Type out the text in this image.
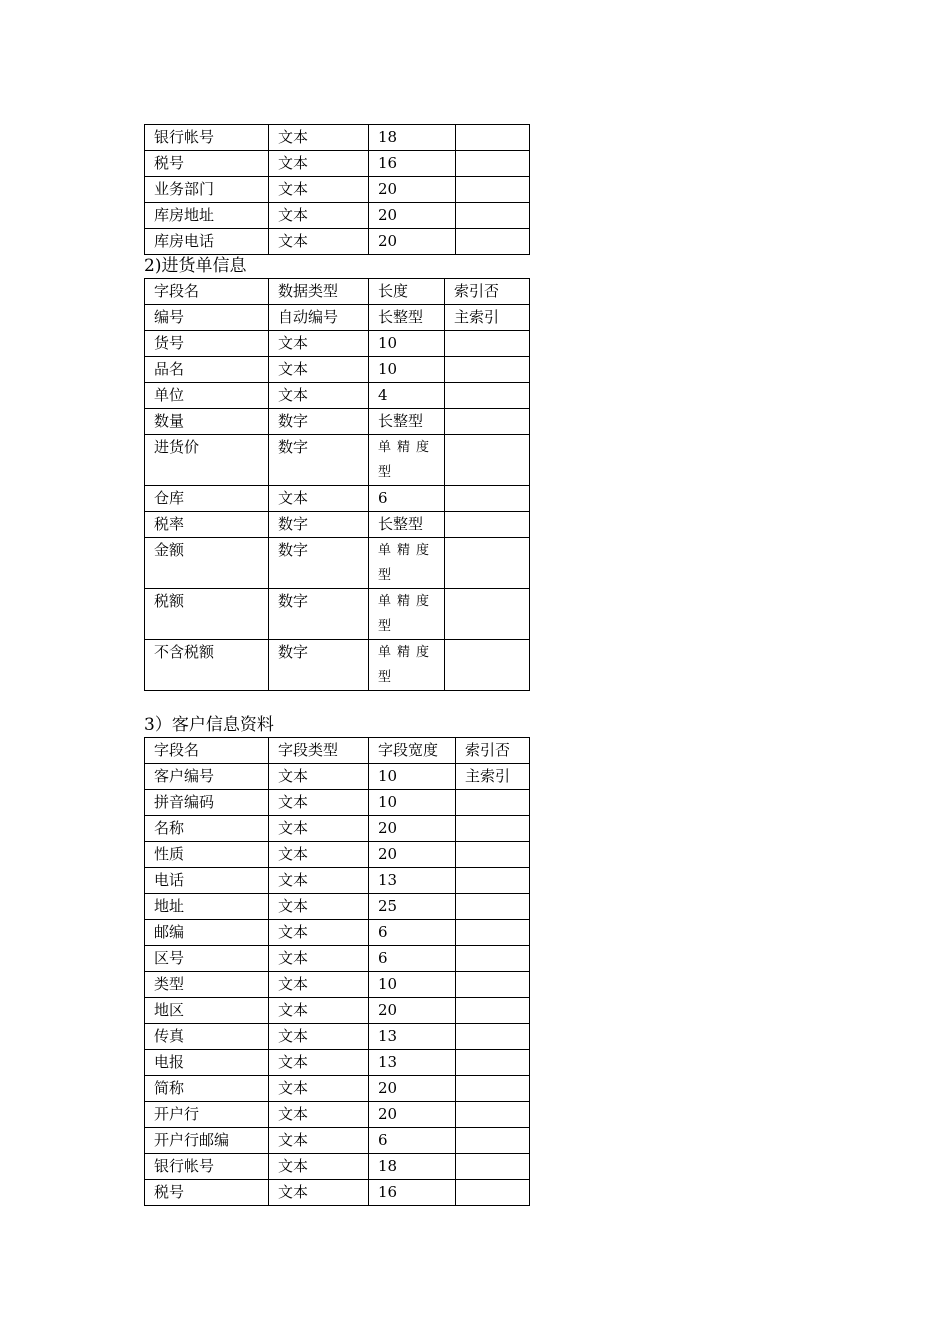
银行帐号	文本	18	
税号	文本	16	
业务部门	文本	20	
库房地址	文本	20	
库房电话	文本	20	
2)进货单信息
字段名	数据类型	长度	索引否
编号	自动编号	长整型	主索引
货号	文本	10	
品名	文本	10	
单位	文本	4	
数量	数字	长整型	
进货价	数字	单精度型	
仓库	文本	6	
税率	数字	长整型	
金额	数字	单精度型	
税额	数字	单精度型	
不含税额	数字	单精度型	
3）客户信息资料
字段名	字段类型	字段宽度	索引否
客户编号	文本	10	主索引
拼音编码	文本	10	
名称	文本	20	
性质	文本	20	
电话	文本	13	
地址	文本	25	
邮编	文本	6	
区号	文本	6	
类型	文本	10	
地区	文本	20	
传真	文本	13	
电报	文本	13	
简称	文本	20	
开户行	文本	20	
开户行邮编	文本	6	
银行帐号	文本	18	
税号	文本	16	
